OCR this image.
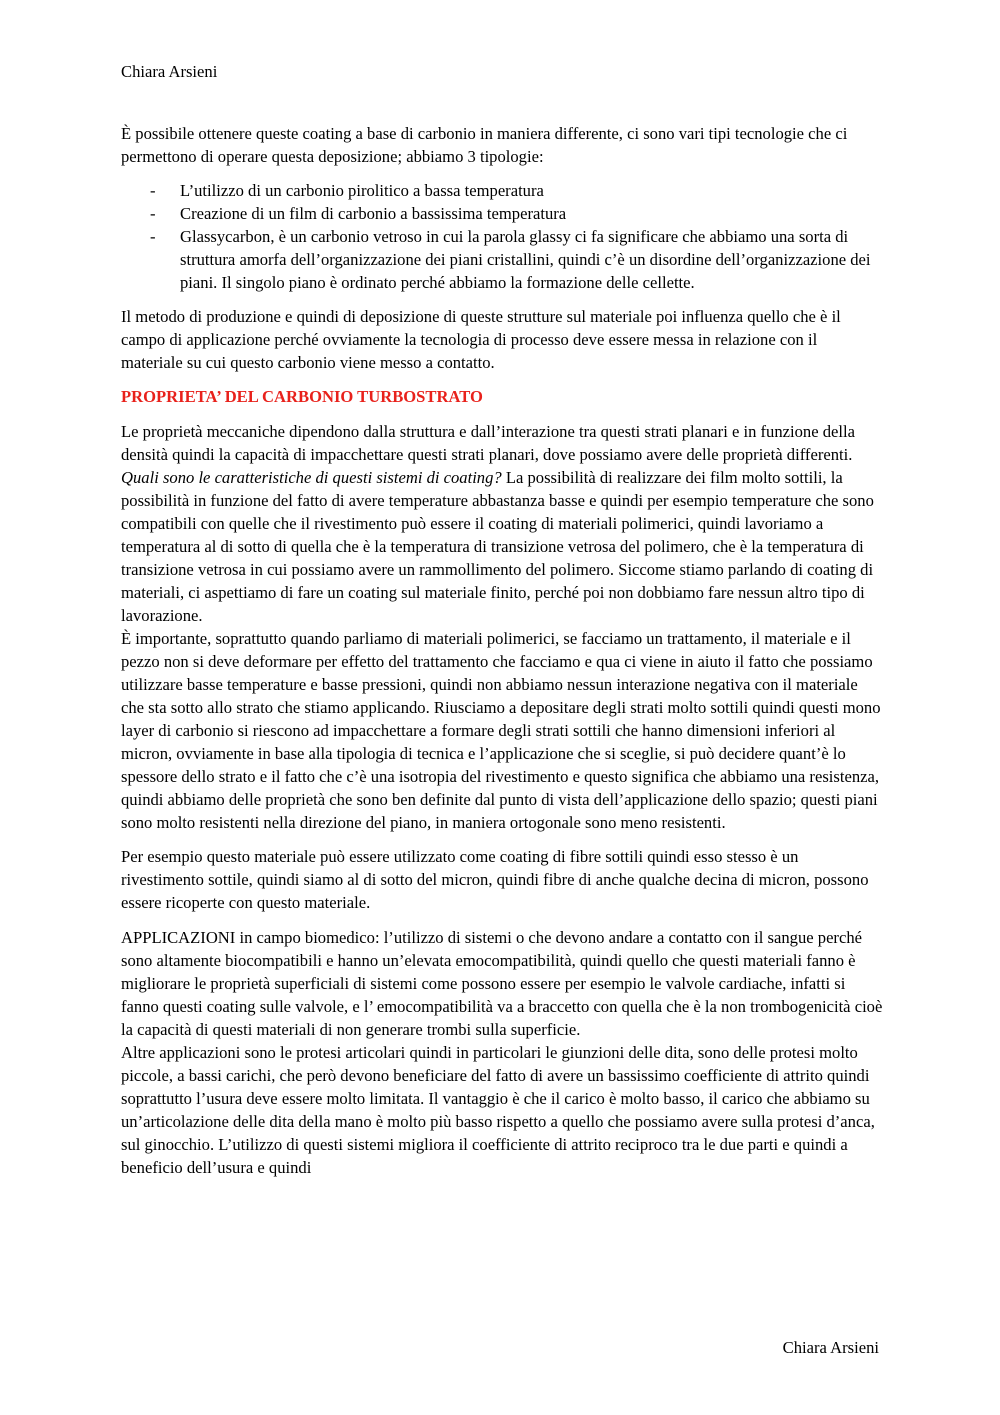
Chiara Arsieni

È possibile ottenere queste coating a base di carbonio in maniera differente, ci sono vari tipi tecnologie che ci permettono di operare questa deposizione; abbiamo 3 tipologie:

- L’utilizzo di un carbonio pirolitico a bassa temperatura
- Creazione di un film di carbonio a bassissima temperatura
- Glassycarbon, è un carbonio vetroso in cui la parola glassy ci fa significare che abbiamo una sorta di struttura amorfa dell’organizzazione dei piani cristallini, quindi c’è un disordine dell’organizzazione dei piani. Il singolo piano è ordinato perché abbiamo la formazione delle cellette.

Il metodo di produzione e quindi di deposizione di queste strutture sul materiale poi influenza quello che è il campo di applicazione perché ovviamente la tecnologia di processo deve essere messa in relazione con il materiale su cui questo carbonio viene messo a contatto.

PROPRIETA’ DEL CARBONIO TURBOSTRATO

Le proprietà meccaniche dipendono dalla struttura e dall’interazione tra questi strati planari e in funzione della densità quindi la capacità di impacchettare questi strati planari, dove possiamo avere delle proprietà differenti.

Quali sono le caratteristiche di questi sistemi di coating? La possibilità di realizzare dei film molto sottili, la possibilità in funzione del fatto di avere temperature abbastanza basse e quindi per esempio temperature che sono compatibili con quelle che il rivestimento può essere il coating di materiali polimerici, quindi lavoriamo a temperatura al di sotto di quella che è la temperatura di transizione vetrosa del polimero, che è la temperatura di transizione vetrosa in cui possiamo avere un rammollimento del polimero. Siccome stiamo parlando di coating di materiali, ci aspettiamo di fare un coating sul materiale finito, perché poi non dobbiamo fare nessun altro tipo di lavorazione.

È importante, soprattutto quando parliamo di materiali polimerici, se facciamo un trattamento, il materiale e il pezzo non si deve deformare per effetto del trattamento che facciamo e qua ci viene in aiuto il fatto che possiamo utilizzare basse temperature e basse pressioni, quindi non abbiamo nessun interazione negativa con il materiale che sta sotto allo strato che stiamo applicando. Riusciamo a depositare degli strati molto sottili quindi questi mono layer di carbonio si riescono ad impacchettare a formare degli strati sottili che hanno dimensioni inferiori al micron, ovviamente in base alla tipologia di tecnica e l’applicazione che si sceglie, si può decidere quant’è lo spessore dello strato e il fatto che c’è una isotropia del rivestimento e questo significa che abbiamo una resistenza, quindi abbiamo delle proprietà che sono ben definite dal punto di vista dell’applicazione dello spazio; questi piani sono molto resistenti nella direzione del piano, in maniera ortogonale sono meno resistenti.

Per esempio questo materiale può essere utilizzato come coating di fibre sottili quindi esso stesso è un rivestimento sottile, quindi siamo al di sotto del micron, quindi fibre di anche qualche decina di micron, possono essere ricoperte con questo materiale.

APPLICAZIONI in campo biomedico: l’utilizzo di sistemi o che devono andare a contatto con il sangue perché sono altamente biocompatibili e hanno un’elevata emocompatibilità, quindi quello che questi materiali fanno è migliorare le proprietà superficiali di sistemi come possono essere per esempio le valvole cardiache, infatti si fanno questi coating sulle valvole, e l’ emocompatibilità va a braccetto con quella che è la non trombogenicità cioè la capacità di questi materiali di non generare trombi sulla superficie.

Altre applicazioni sono le protesi articolari quindi in particolari le giunzioni delle dita, sono delle protesi molto piccole, a bassi carichi, che però devono beneficiare del fatto di avere un bassissimo coefficiente di attrito quindi soprattutto l’usura deve essere molto limitata. Il vantaggio è che il carico è molto basso, il carico che abbiamo su un’articolazione delle dita della mano è molto più basso rispetto a quello che possiamo avere sulla protesi d’anca, sul ginocchio. L’utilizzo di questi sistemi migliora il coefficiente di attrito reciproco tra le due parti e quindi a beneficio dell’usura e quindi

Chiara Arsieni
